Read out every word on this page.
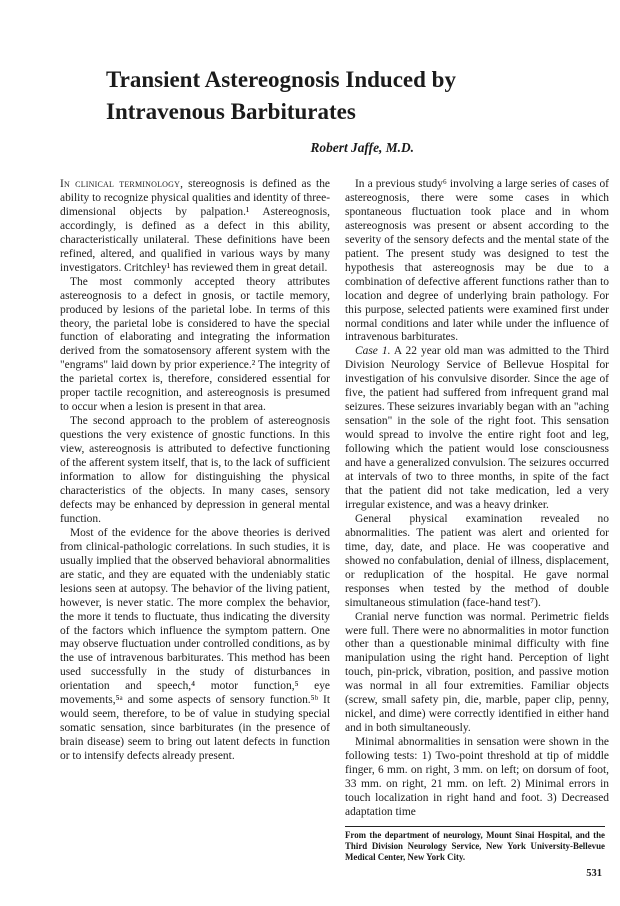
Transient Astereognosis Induced by
Intravenous Barbiturates
Robert Jaffe, M.D.

In clinical terminology, stereognosis is defined as the ability to recognize physical qualities and identity of three-dimensional objects by palpation.¹ Astereognosis, accordingly, is defined as a defect in this ability, characteristically unilateral. These definitions have been refined, altered, and qualified in various ways by many investigators. Critchley¹ has reviewed them in great detail.

The most commonly accepted theory attributes astereognosis to a defect in gnosis, or tactile memory, produced by lesions of the parietal lobe. In terms of this theory, the parietal lobe is considered to have the special function of elaborating and integrating the information derived from the somatosensory afferent system with the "engrams" laid down by prior experience.² The integrity of the parietal cortex is, therefore, considered essential for proper tactile recognition, and astereognosis is presumed to occur when a lesion is present in that area.

The second approach to the problem of astereognosis questions the very existence of gnostic functions. In this view, astereognosis is attributed to defective functioning of the afferent system itself, that is, to the lack of sufficient information to allow for distinguishing the physical characteristics of the objects. In many cases, sensory defects may be enhanced by depression in general mental function.

Most of the evidence for the above theories is derived from clinical-pathologic correlations. In such studies, it is usually implied that the observed behavioral abnormalities are static, and they are equated with the undeniably static lesions seen at autopsy. The behavior of the living patient, however, is never static. The more complex the behavior, the more it tends to fluctuate, thus indicating the diversity of the factors which influence the symptom pattern. One may observe fluctuation under controlled conditions, as by the use of intravenous barbiturates. This method has been used successfully in the study of disturbances in orientation and speech,⁴ motor function,⁵ eye movements,⁵ᵃ and some aspects of sensory function.⁵ᵇ It would seem, therefore, to be of value in studying special somatic sensation, since barbiturates (in the presence of brain disease) seem to bring out latent defects in function or to intensify defects already present.

In a previous study⁶ involving a large series of cases of astereognosis, there were some cases in which spontaneous fluctuation took place and in whom astereognosis was present or absent according to the severity of the sensory defects and the mental state of the patient. The present study was designed to test the hypothesis that astereognosis may be due to a combination of defective afferent functions rather than to location and degree of underlying brain pathology. For this purpose, selected patients were examined first under normal conditions and later while under the influence of intravenous barbiturates.

Case 1. A 22 year old man was admitted to the Third Division Neurology Service of Bellevue Hospital for investigation of his convulsive disorder. Since the age of five, the patient had suffered from infrequent grand mal seizures. These seizures invariably began with an "aching sensation" in the sole of the right foot. This sensation would spread to involve the entire right foot and leg, following which the patient would lose consciousness and have a generalized convulsion. The seizures occurred at intervals of two to three months, in spite of the fact that the patient did not take medication, led a very irregular existence, and was a heavy drinker.

General physical examination revealed no abnormalities. The patient was alert and oriented for time, day, date, and place. He was cooperative and showed no confabulation, denial of illness, displacement, or reduplication of the hospital. He gave normal responses when tested by the method of double simultaneous stimulation (face-hand test⁷).

Cranial nerve function was normal. Perimetric fields were full. There were no abnormalities in motor function other than a questionable minimal difficulty with fine manipulation using the right hand. Perception of light touch, pin-prick, vibration, position, and passive motion was normal in all four extremities. Familiar objects (screw, small safety pin, die, marble, paper clip, penny, nickel, and dime) were correctly identified in either hand and in both simultaneously.

Minimal abnormalities in sensation were shown in the following tests: 1) Two-point threshold at tip of middle finger, 6 mm. on right, 3 mm. on left; on dorsum of foot, 33 mm. on right, 21 mm. on left. 2) Minimal errors in touch localization in right hand and foot. 3) Decreased adaptation time

From the department of neurology, Mount Sinai Hospital, and the Third Division Neurology Service, New York University-Bellevue Medical Center, New York City.
531
